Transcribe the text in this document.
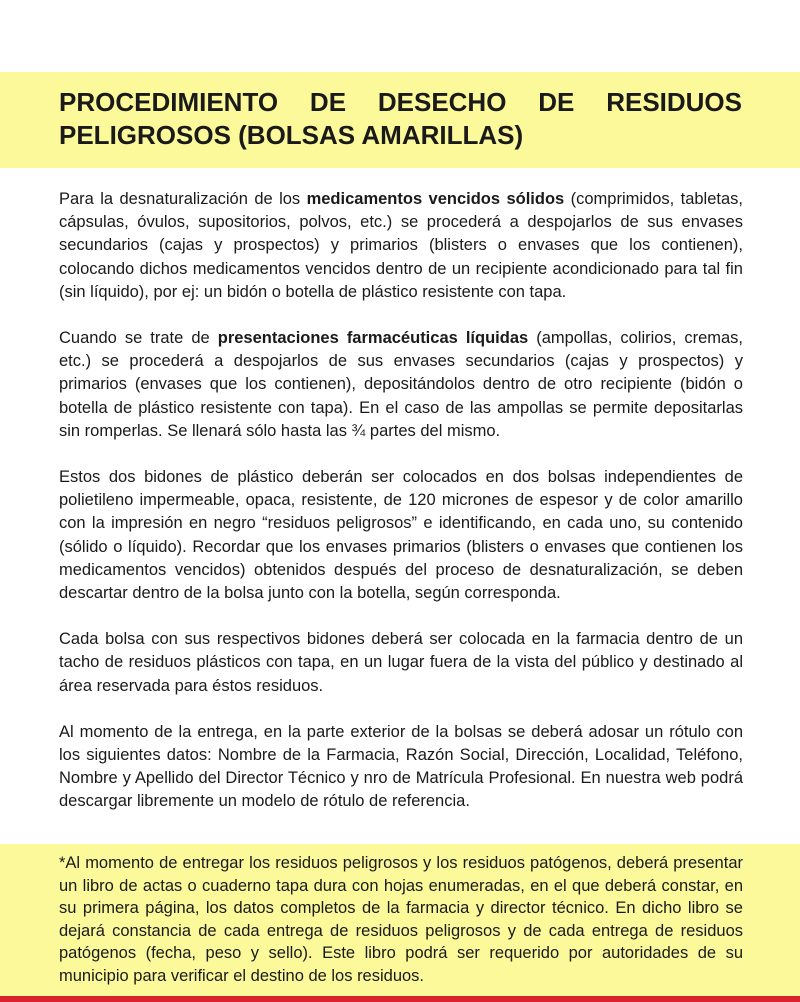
PROCEDIMIENTO DE DESECHO DE RESIDUOS PELIGROSOS (BOLSAS AMARILLAS)

Para la desnaturalización de los medicamentos vencidos sólidos (comprimidos, tabletas, cápsulas, óvulos, supositorios, polvos, etc.) se procederá a despojarlos de sus envases secundarios (cajas y prospectos) y primarios (blisters o envases que los contienen), colocando dichos medicamentos vencidos dentro de un recipiente acondicionado para tal fin (sin líquido), por ej: un bidón o botella de plástico resistente con tapa.

Cuando se trate de presentaciones farmacéuticas líquidas (ampollas, colirios, cremas, etc.) se procederá a despojarlos de sus envases secundarios (cajas y prospectos) y primarios (envases que los contienen), depositándolos dentro de otro recipiente (bidón o botella de plástico resistente con tapa). En el caso de las ampollas se permite depositarlas sin romperlas. Se llenará sólo hasta las ¾ partes del mismo.

Estos dos bidones de plástico deberán ser colocados en dos bolsas independientes de polietileno impermeable, opaca, resistente, de 120 micrones de espesor y de color amarillo con la impresión en negro “residuos peligrosos” e identificando, en cada uno, su contenido (sólido o líquido). Recordar que los envases primarios (blisters o envases que contienen los medicamentos vencidos) obtenidos después del proceso de desnaturalización, se deben descartar dentro de la bolsa junto con la botella, según corresponda.

Cada bolsa con sus respectivos bidones deberá ser colocada en la farmacia dentro de un tacho de residuos plásticos con tapa, en un lugar fuera de la vista del público y destinado al área reservada para éstos residuos.

Al momento de la entrega, en la parte exterior de la bolsas se deberá adosar un rótulo con los siguientes datos: Nombre de la Farmacia, Razón Social, Dirección, Localidad, Teléfono, Nombre y Apellido del Director Técnico y nro de Matrícula Profesional. En nuestra web podrá descargar libremente un modelo de rótulo de referencia.

*Al momento de entregar los residuos peligrosos y los residuos patógenos, deberá presentar un libro de actas o cuaderno tapa dura con hojas enumeradas, en el que deberá constar, en su primera página, los datos completos de la farmacia y director técnico. En dicho libro se dejará constancia de cada entrega de residuos peligrosos y de cada entrega de residuos patógenos (fecha, peso y sello). Este libro podrá ser requerido por autoridades de su municipio para verificar el destino de los residuos.
